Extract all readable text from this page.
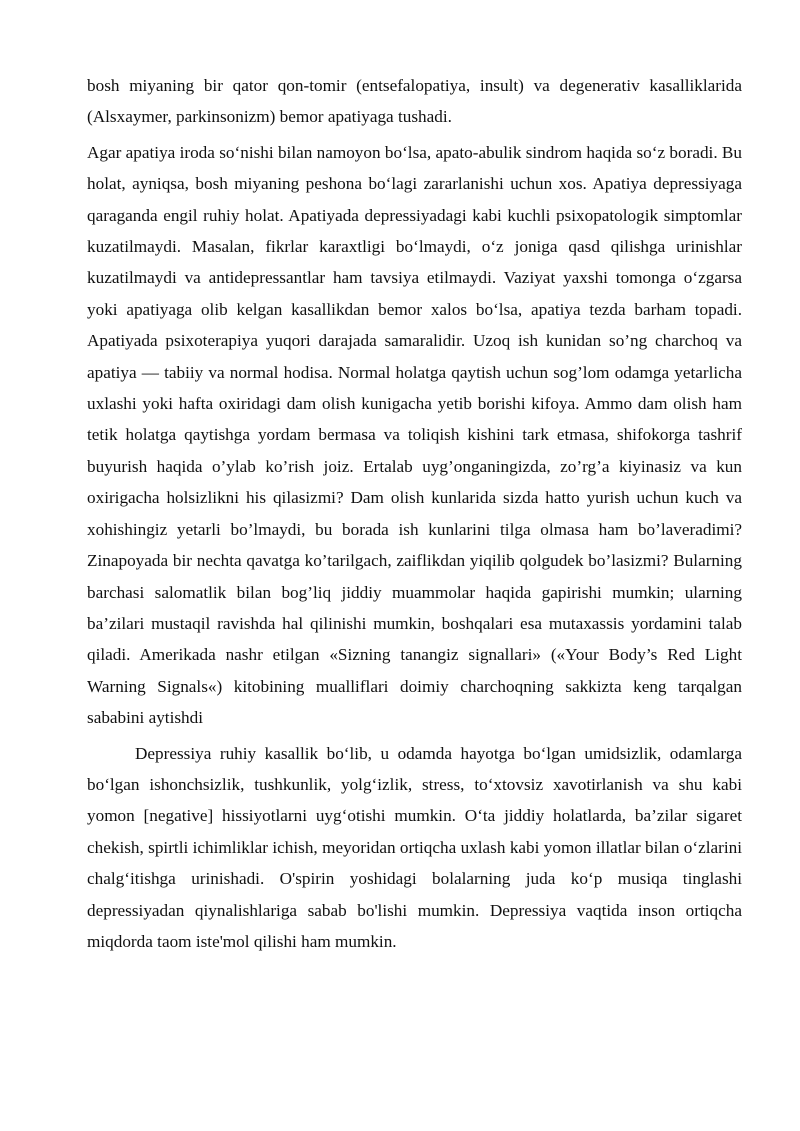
bosh miyaning bir qator qon-tomir (entsefalopatiya, insult) va degenerativ kasalliklarida (Alsxaymer, parkinsonizm) bemor apatiyaga tushadi.

Agar apatiya iroda so‘nishi bilan namoyon bo‘lsa, apato-abulik sindrom haqida so‘z boradi. Bu holat, ayniqsa, bosh miyaning peshona bo‘lagi zararlanishi uchun xos. Apatiya depressiyaga qaraganda engil ruhiy holat. Apatiyada depressiyadagi kabi kuchli psixopatologik simptomlar kuzatilmaydi. Masalan, fikrlar karaxtligi bo‘lmaydi, o‘z joniga qasd qilishga urinishlar kuzatilmaydi va antidepressantlar ham tavsiya etilmaydi. Vaziyat yaxshi tomonga o‘zgarsa yoki apatiyaga olib kelgan kasallikdan bemor xalos bo‘lsa, apatiya tezda barham topadi. Apatiyada psixoterapiya yuqori darajada samaralidir. Uzoq ish kunidan so’ng charchoq va apatiya — tabiiy va normal hodisa. Normal holatga qaytish uchun sog’lom odamga yetarlicha uxlashi yoki hafta oxiridagi dam olish kunigacha yetib borishi kifoya. Ammo dam olish ham tetik holatga qaytishga yordam bermasa va toliqish kishini tark etmasa, shifokorga tashrif buyurish haqida o’ylab ko’rish joiz. Ertalab uyg’onganingizda, zo’rg’a kiyinasiz va kun oxirigacha holsizlikni his qilasizmi? Dam olish kunlarida sizda hatto yurish uchun kuch va xohishingiz yetarli bo’lmaydi, bu borada ish kunlarini tilga olmasa ham bo’laveradimi? Zinapoyada bir nechta qavatga ko’tarilgach, zaiflikdan yiqilib qolgudek bo’lasizmi? Bularning barchasi salomatlik bilan bog’liq jiddiy muammolar haqida gapirishi mumkin; ularning ba’zilari mustaqil ravishda hal qilinishi mumkin, boshqalari esa mutaxassis yordamini talab qiladi. Amerikada nashr etilgan «Sizning tanangiz signallari» («Your Body’s Red Light Warning Signals«) kitobining mualliflari doimiy charchoqning sakkizta keng tarqalgan sababini aytishdi

Depressiya ruhiy kasallik bo‘lib, u odamda hayotga bo‘lgan umidsizlik, odamlarga bo‘lgan ishonchsizlik, tushkunlik, yolg‘izlik, stress, to‘xtovsiz xavotirlanish va shu kabi yomon [negative] hissiyotlarni uyg‘otishi mumkin. O‘ta jiddiy holatlarda, ba’zilar sigaret chekish, spirtli ichimliklar ichish, meyoridan ortiqcha uxlash kabi yomon illatlar bilan o‘zlarini chalg‘itishga urinishadi. O'spirin yoshidagi bolalarning juda ko‘p musiqa tinglashi depressiyadan qiynalishlariga sabab bo'lishi mumkin. Depressiya vaqtida inson ortiqcha miqdorda taom iste'mol qilishi ham mumkin.
